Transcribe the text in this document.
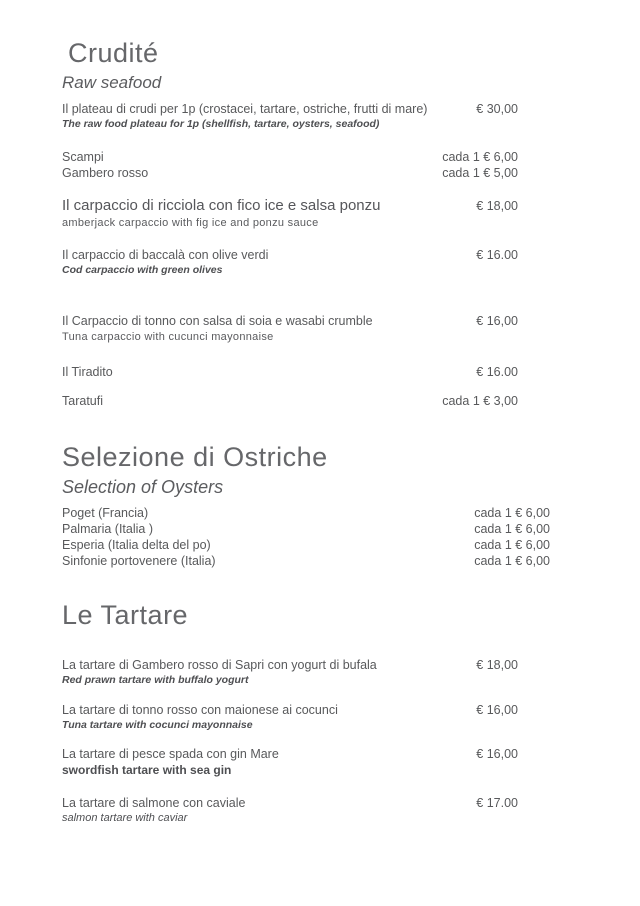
Crudité
Raw seafood
Il plateau di crudi per 1p (crostacei, tartare, ostriche, frutti di mare)	€ 30,00
The raw food plateau for 1p (shellfish, tartare, oysters, seafood)
Scampi	cada 1 € 6,00
Gambero rosso	cada 1 € 5,00
Il carpaccio di ricciola con fico ice e salsa ponzu	€ 18,00
amberjack carpaccio with fig ice and ponzu sauce
Il carpaccio di baccalà con olive verdi	€ 16.00
Cod carpaccio with green olives
Il Carpaccio di tonno con salsa di soia e wasabi crumble	€ 16,00
Tuna carpaccio with cucunci mayonnaise
Il Tiradito	€ 16.00
Taratufi	cada 1 € 3,00
Selezione di Ostriche
Selection of Oysters
Poget (Francia)	cada 1 € 6,00
Palmaria (Italia )	cada 1 € 6,00
Esperia (Italia delta del po)	cada 1 € 6,00
Sinfonie portovenere (Italia)	cada 1 € 6,00
Le Tartare
La tartare di Gambero rosso di Sapri con yogurt di bufala	€ 18,00
Red prawn tartare with buffalo yogurt
La tartare di tonno rosso con maionese ai cocunci	€ 16,00
Tuna tartare with cocunci mayonnaise
La tartare di pesce spada con gin Mare	€ 16,00
swordfish tartare with sea gin
La tartare di salmone con caviale	€ 17.00
salmon tartare with caviar
